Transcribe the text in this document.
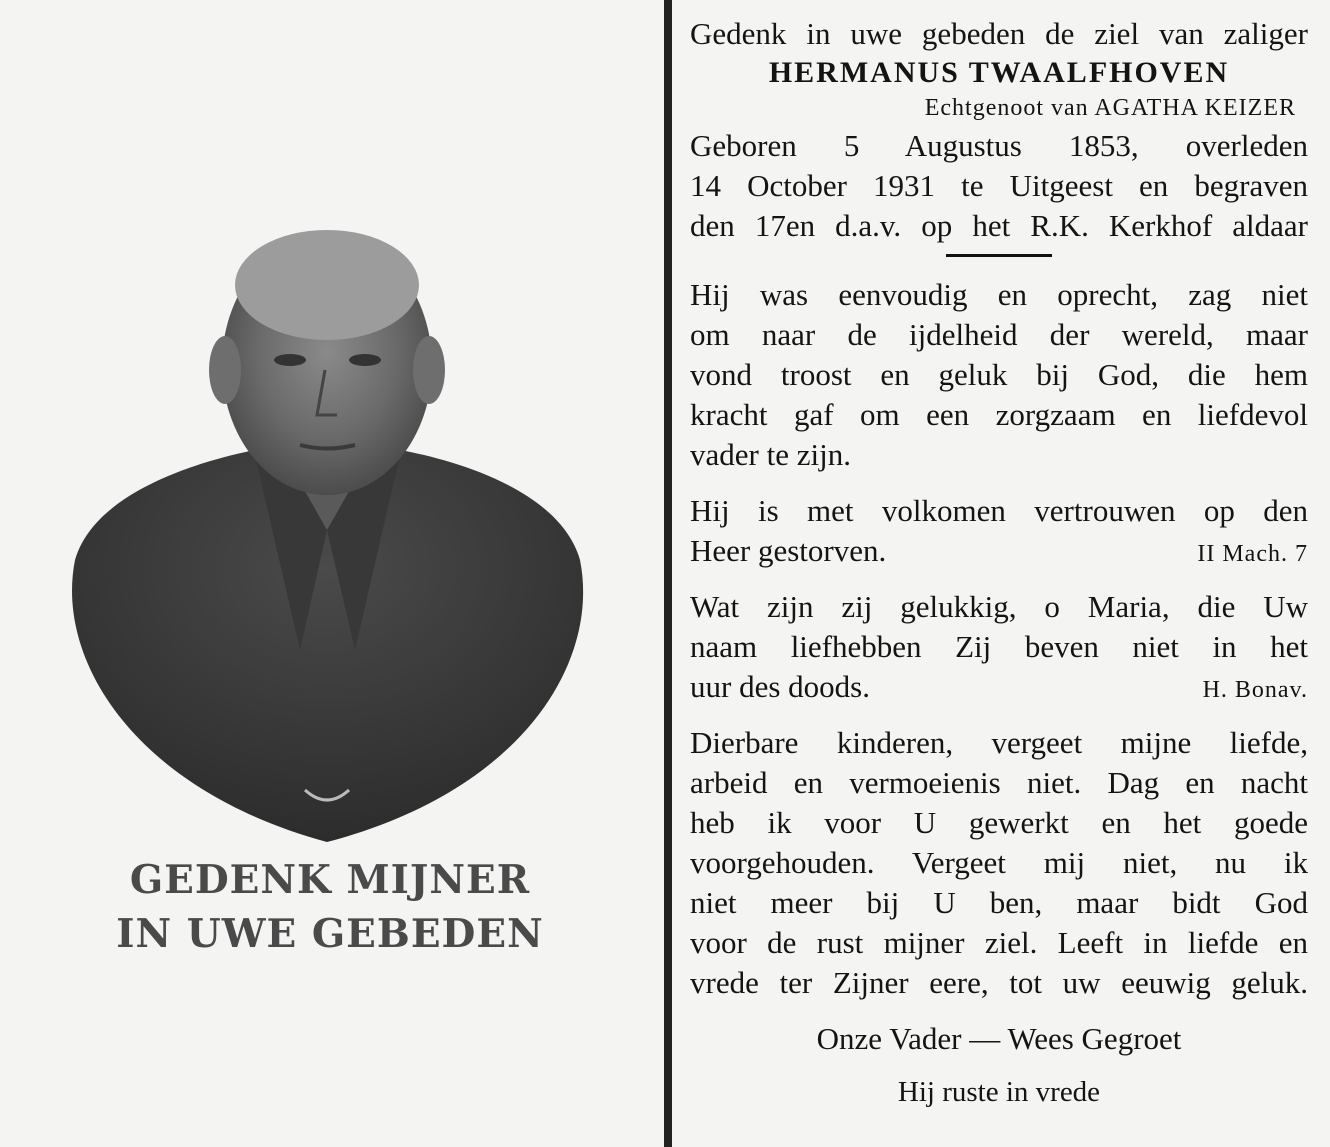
GEDENK MIJNER
IN UWE GEBEDEN
Gedenk in uwe gebeden de ziel van zaliger
HERMANUS TWAALFHOVEN
Echtgenoot van AGATHA KEIZER
Geboren 5 Augustus 1853, overleden
14 October 1931 te Uitgeest en begraven
den 17en d.a.v. op het R.K. Kerkhof aldaar
Hij was eenvoudig en oprecht, zag niet
om naar de ijdelheid der wereld, maar
vond troost en geluk bij God, die hem
kracht gaf om een zorgzaam en liefdevol
vader te zijn.
Hij is met volkomen vertrouwen op den
Heer gestorven.	II Mach. 7
Wat zijn zij gelukkig, o Maria, die Uw
naam liefhebben Zij beven niet in het
uur des doods.	H. Bonav.
Dierbare kinderen, vergeet mijne liefde,
arbeid en vermoeienis niet. Dag en nacht
heb ik voor U gewerkt en het goede
voorgehouden. Vergeet mij niet, nu ik
niet meer bij U ben, maar bidt God
voor de rust mijner ziel. Leeft in liefde en
vrede ter Zijner eere, tot uw eeuwig geluk.
Onze Vader — Wees Gegroet
Hij ruste in vrede
